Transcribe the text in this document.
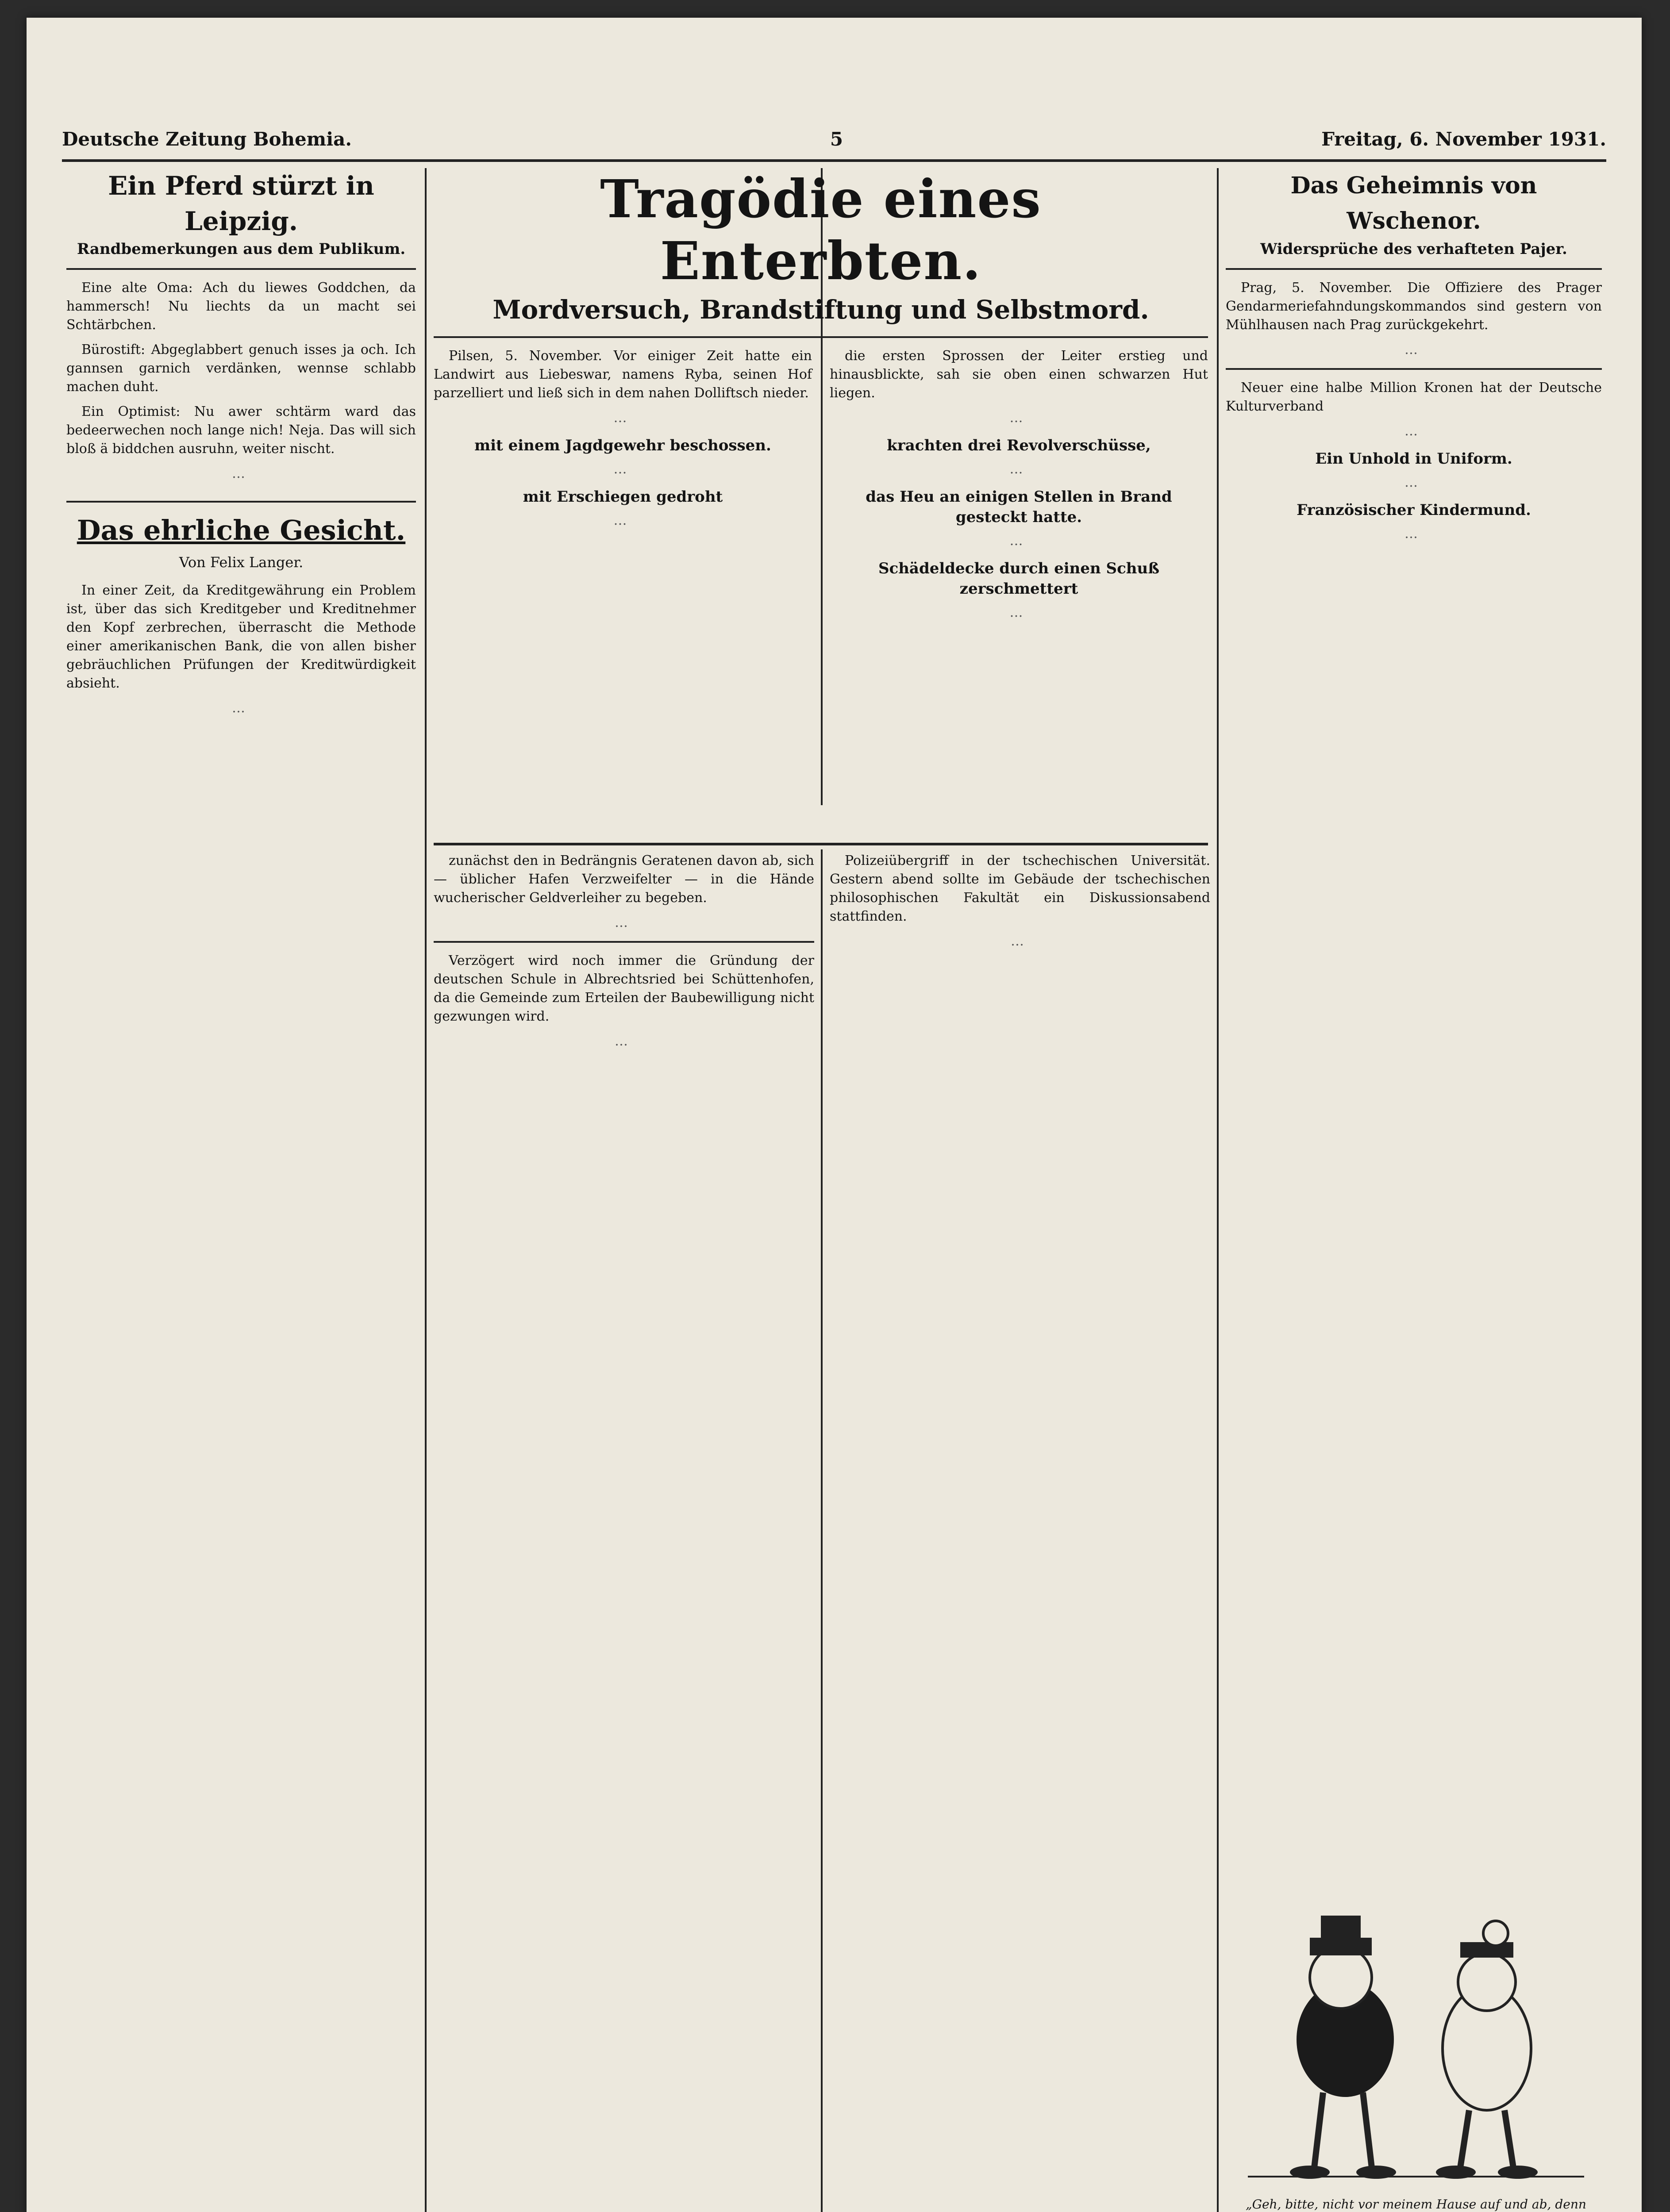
Deutsche Zeitung Bohemia.	5	Freitag, 6. November 1931.
Ein Pferd stürzt in Leipzig.
Randbemerkungen aus dem Publikum.

Eine alte Oma: Ach du liewes Goddchen, da hammersch! Nu liechts da un macht sei Schtärbchen.

Bürostift: Abgeglabbert genuch isses ja och. Ich gannsen garnich verdänken, wennse schlabb machen duht.

Ein Optimist: Nu awer schtärm ward das bedeerwechen noch lange nich! Neja. Das will sich bloß ä biddchen ausruhn, weiter nischt.

…
Das ehrliche Gesicht.
Von Felix Langer.

In einer Zeit, da Kreditgewährung ein Problem ist, über das sich Kreditgeber und Kreditnehmer den Kopf zerbrechen, überrascht die Methode einer amerikanischen Bank, die von allen bisher gebräuchlichen Prüfungen der Kreditwürdigkeit absieht.

…
Tragödie eines Enterbten.
Mordversuch, Brandstiftung und Selbstmord.

Pilsen, 5. November. Vor einiger Zeit hatte ein Landwirt aus Liebeswar, namens Ryba, seinen Hof parzelliert und ließ sich in dem nahen Dolliftsch nieder.

…
mit einem Jagdgewehr beschossen.
…
mit Erschiegen gedroht
…

die ersten Sprossen der Leiter erstieg und hinausblickte, sah sie oben einen schwarzen Hut liegen.

…
krachten drei Revolverschüsse,
…
das Heu an einigen Stellen in Brand gesteckt hatte.
…
Schädeldecke durch einen Schuß zerschmettert
…

zunächst den in Bedrängnis Geratenen davon ab, sich — üblicher Hafen Verzweifelter — in die Hände wucherischer Geldverleiher zu begeben.

…

Verzögert wird noch immer die Gründung der deutschen Schule in Albrechtsried bei Schüttenhofen, da die Gemeinde zum Erteilen der Baubewilligung nicht gezwungen wird.

…

Polizeiübergriff in der tschechischen Universität. Gestern abend sollte im Gebäude der tschechischen philosophischen Fakultät ein Diskussionsabend stattfinden.

…
Das Geheimnis von Wschenor.
Widersprüche des verhafteten Pajer.

Prag, 5. November. Die Offiziere des Prager Gendarmeriefahndungskommandos sind gestern von Mühlhausen nach Prag zurückgekehrt.

…

Neuer eine halbe Million Kronen hat der Deutsche Kulturverband

…
Ein Unhold in Uniform.
…
Französischer Kindermund.
…
„Geh, bitte, nicht vor meinem Hause auf und ab, denn
